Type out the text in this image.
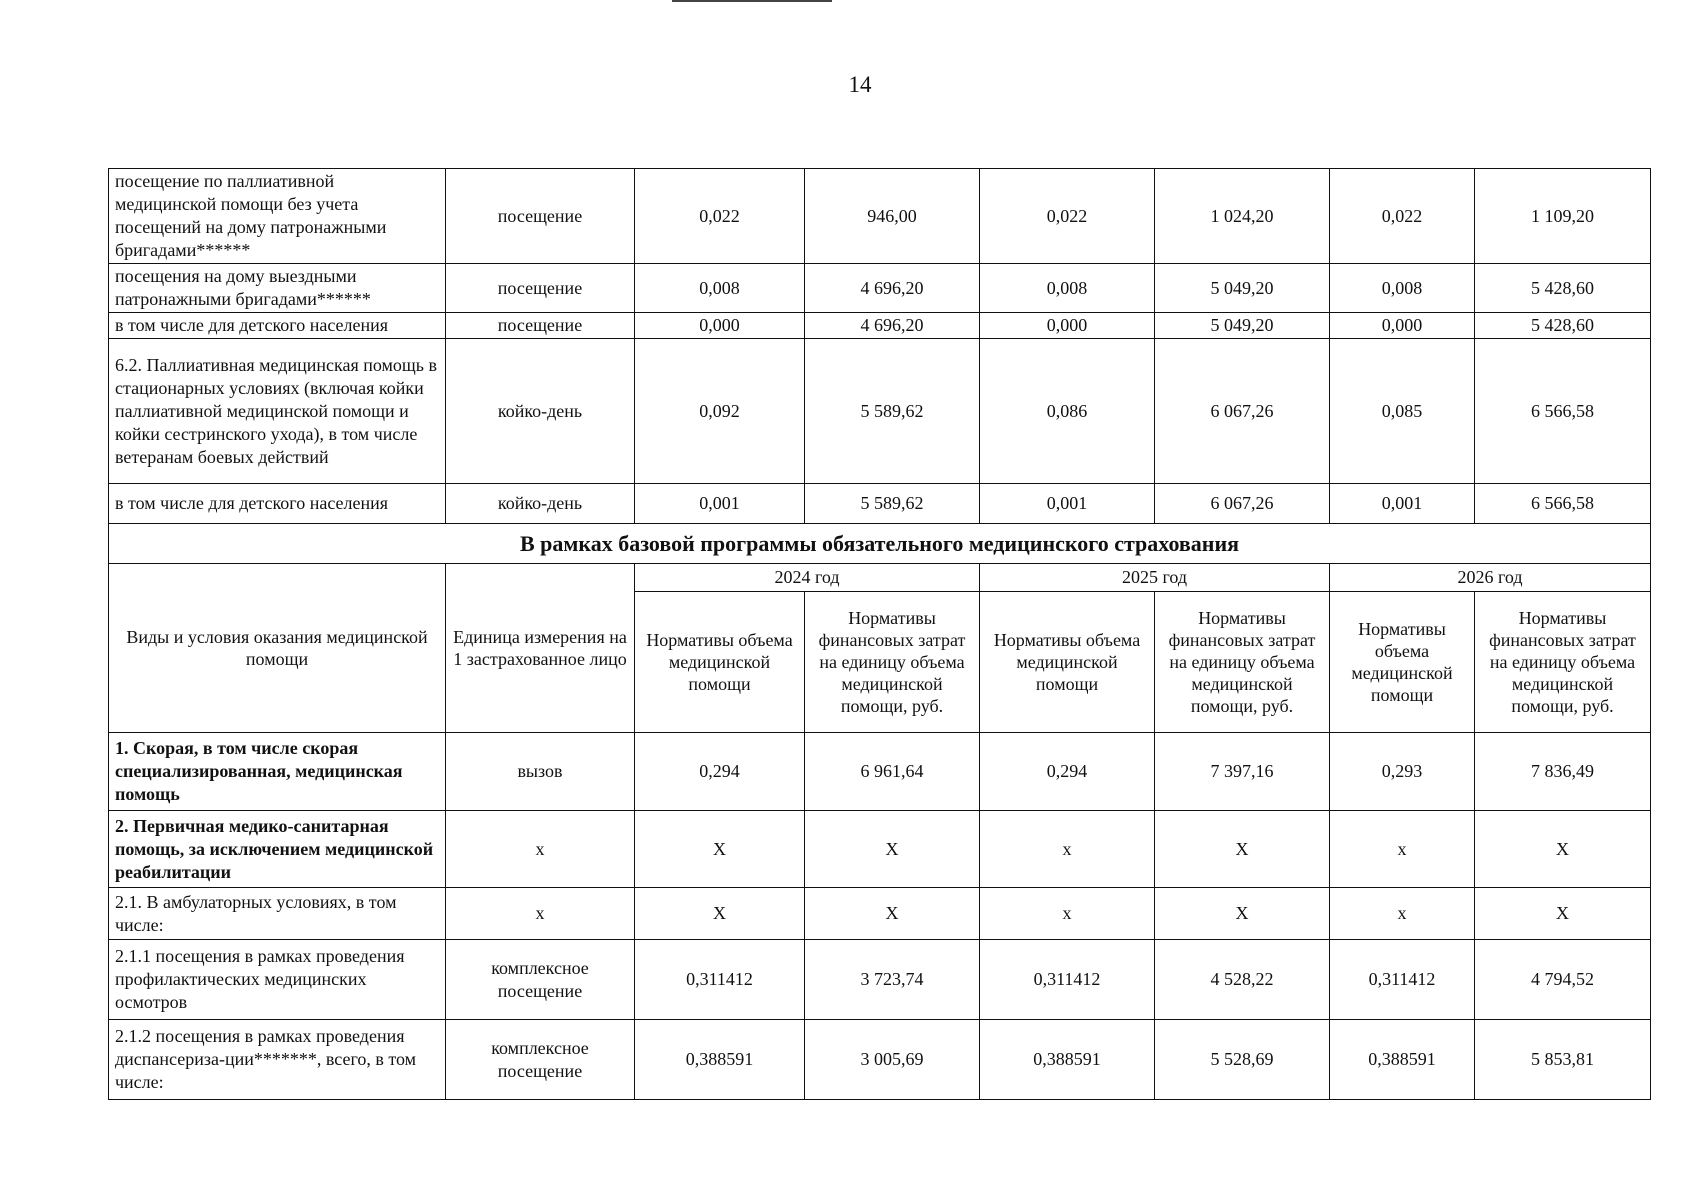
14
посещение по паллиативной медицинской помощи без учета посещений на дому патронажными бригадами******	посещение	0,022	946,00	0,022	1 024,20	0,022	1 109,20
посещения на дому выездными патронажными бригадами******	посещение	0,008	4 696,20	0,008	5 049,20	0,008	5 428,60
в том числе для детского населения	посещение	0,000	4 696,20	0,000	5 049,20	0,000	5 428,60
6.2. Паллиативная медицинская помощь в стационарных условиях (включая койки паллиативной медицинской помощи и койки сестринского ухода), в том числе ветеранам боевых действий	койко-день	0,092	5 589,62	0,086	6 067,26	0,085	6 566,58
в том числе для детского населения	койко-день	0,001	5 589,62	0,001	6 067,26	0,001	6 566,58
В рамках базовой программы обязательного медицинского страхования							
Виды и условия оказания медицинской помощи	Единица измерения на 1 застрахованное лицо	2024 год		2025 год		2026 год	
		Нормативы объема медицинской помощи	Нормативы финансовых затрат на единицу объема медицинской помощи, руб.	Нормативы объема медицинской помощи	Нормативы финансовых затрат на единицу объема медицинской помощи, руб.	Нормативы объема медицинской помощи	Нормативы финансовых затрат на единицу объема медицинской помощи, руб.
1. Скорая, в том числе скорая специализированная, медицинская помощь	вызов	0,294	6 961,64	0,294	7 397,16	0,293	7 836,49
2. Первичная медико-санитарная помощь, за исключением медицинской реабилитации	х	Х	Х	х	Х	х	Х
2.1. В амбулаторных условиях, в том числе:	х	Х	Х	х	Х	х	Х
2.1.1 посещения в рамках проведения профилактических медицинских осмотров	комплексное посещение	0,311412	3 723,74	0,311412	4 528,22	0,311412	4 794,52
2.1.2 посещения в рамках проведения диспансериза-ции*******, всего, в том числе:	комплексное посещение	0,388591	3 005,69	0,388591	5 528,69	0,388591	5 853,81
